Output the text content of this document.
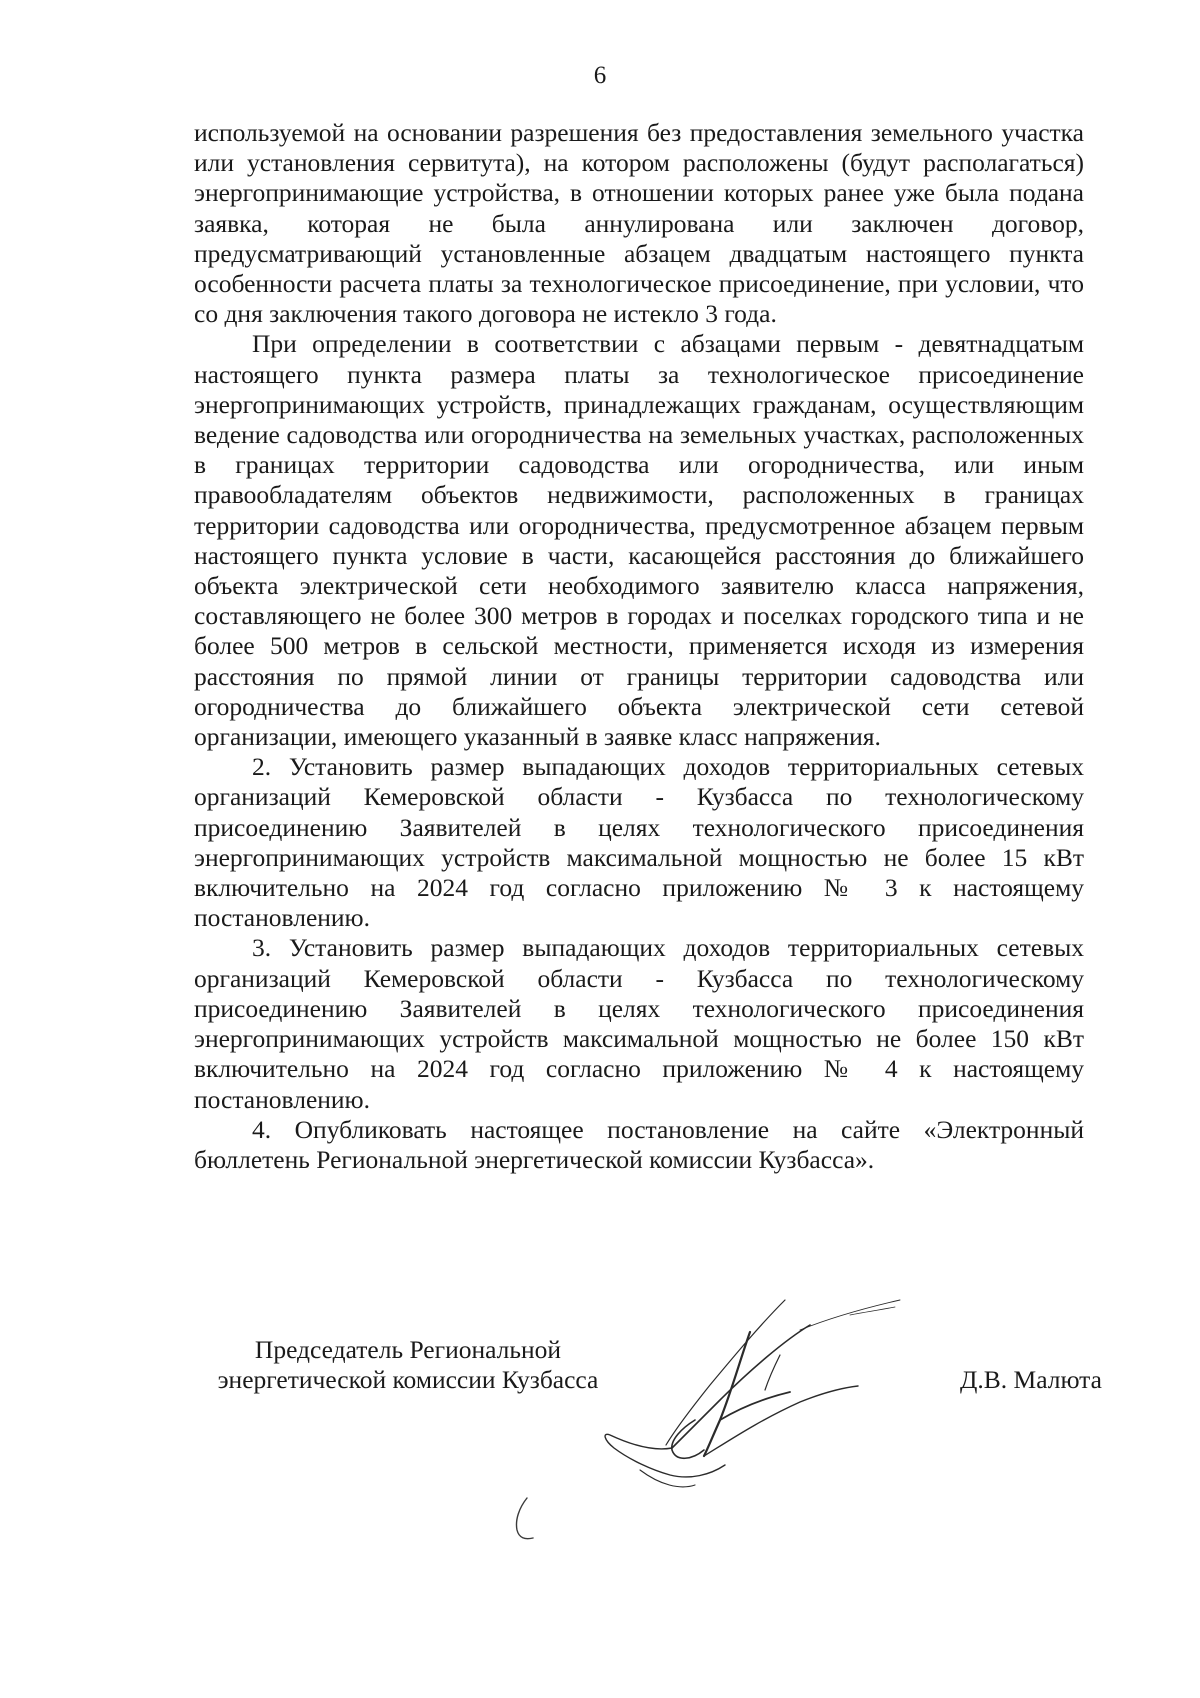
6

используемой на основании разрешения без предоставления земельного участка или установления сервитута), на котором расположены (будут располагаться) энергопринимающие устройства, в отношении которых ранее уже была подана заявка, которая не была аннулирована или заключен договор, предусматривающий установленные абзацем двадцатым настоящего пункта особенности расчета платы за технологическое присоединение, при условии, что со дня заключения такого договора не истекло 3 года.

При определении в соответствии с абзацами первым - девятнадцатым настоящего пункта размера платы за технологическое присоединение энергопринимающих устройств, принадлежащих гражданам, осуществляющим ведение садоводства или огородничества на земельных участках, расположенных в границах территории садоводства или огородничества, или иным правообладателям объектов недвижимости, расположенных в границах территории садоводства или огородничества, предусмотренное абзацем первым настоящего пункта условие в части, касающейся расстояния до ближайшего объекта электрической сети необходимого заявителю класса напряжения, составляющего не более 300 метров в городах и поселках городского типа и не более 500 метров в сельской местности, применяется исходя из измерения расстояния по прямой линии от границы территории садоводства или огородничества до ближайшего объекта электрической сети сетевой организации, имеющего указанный в заявке класс напряжения.

2. Установить размер выпадающих доходов территориальных сетевых организаций Кемеровской области - Кузбасса по технологическому присоединению Заявителей в целях технологического присоединения энергопринимающих устройств максимальной мощностью не более 15 кВт включительно на 2024 год согласно приложению № 3 к настоящему постановлению.

3. Установить размер выпадающих доходов территориальных сетевых организаций Кемеровской области - Кузбасса по технологическому присоединению Заявителей в целях технологического присоединения энергопринимающих устройств максимальной мощностью не более 150 кВт включительно на 2024 год согласно приложению № 4 к настоящему постановлению.

4. Опубликовать настоящее постановление на сайте «Электронный бюллетень Региональной энергетической комиссии Кузбасса».

Председатель Региональной
энергетической комиссии Кузбасса	Д.В. Малюта
